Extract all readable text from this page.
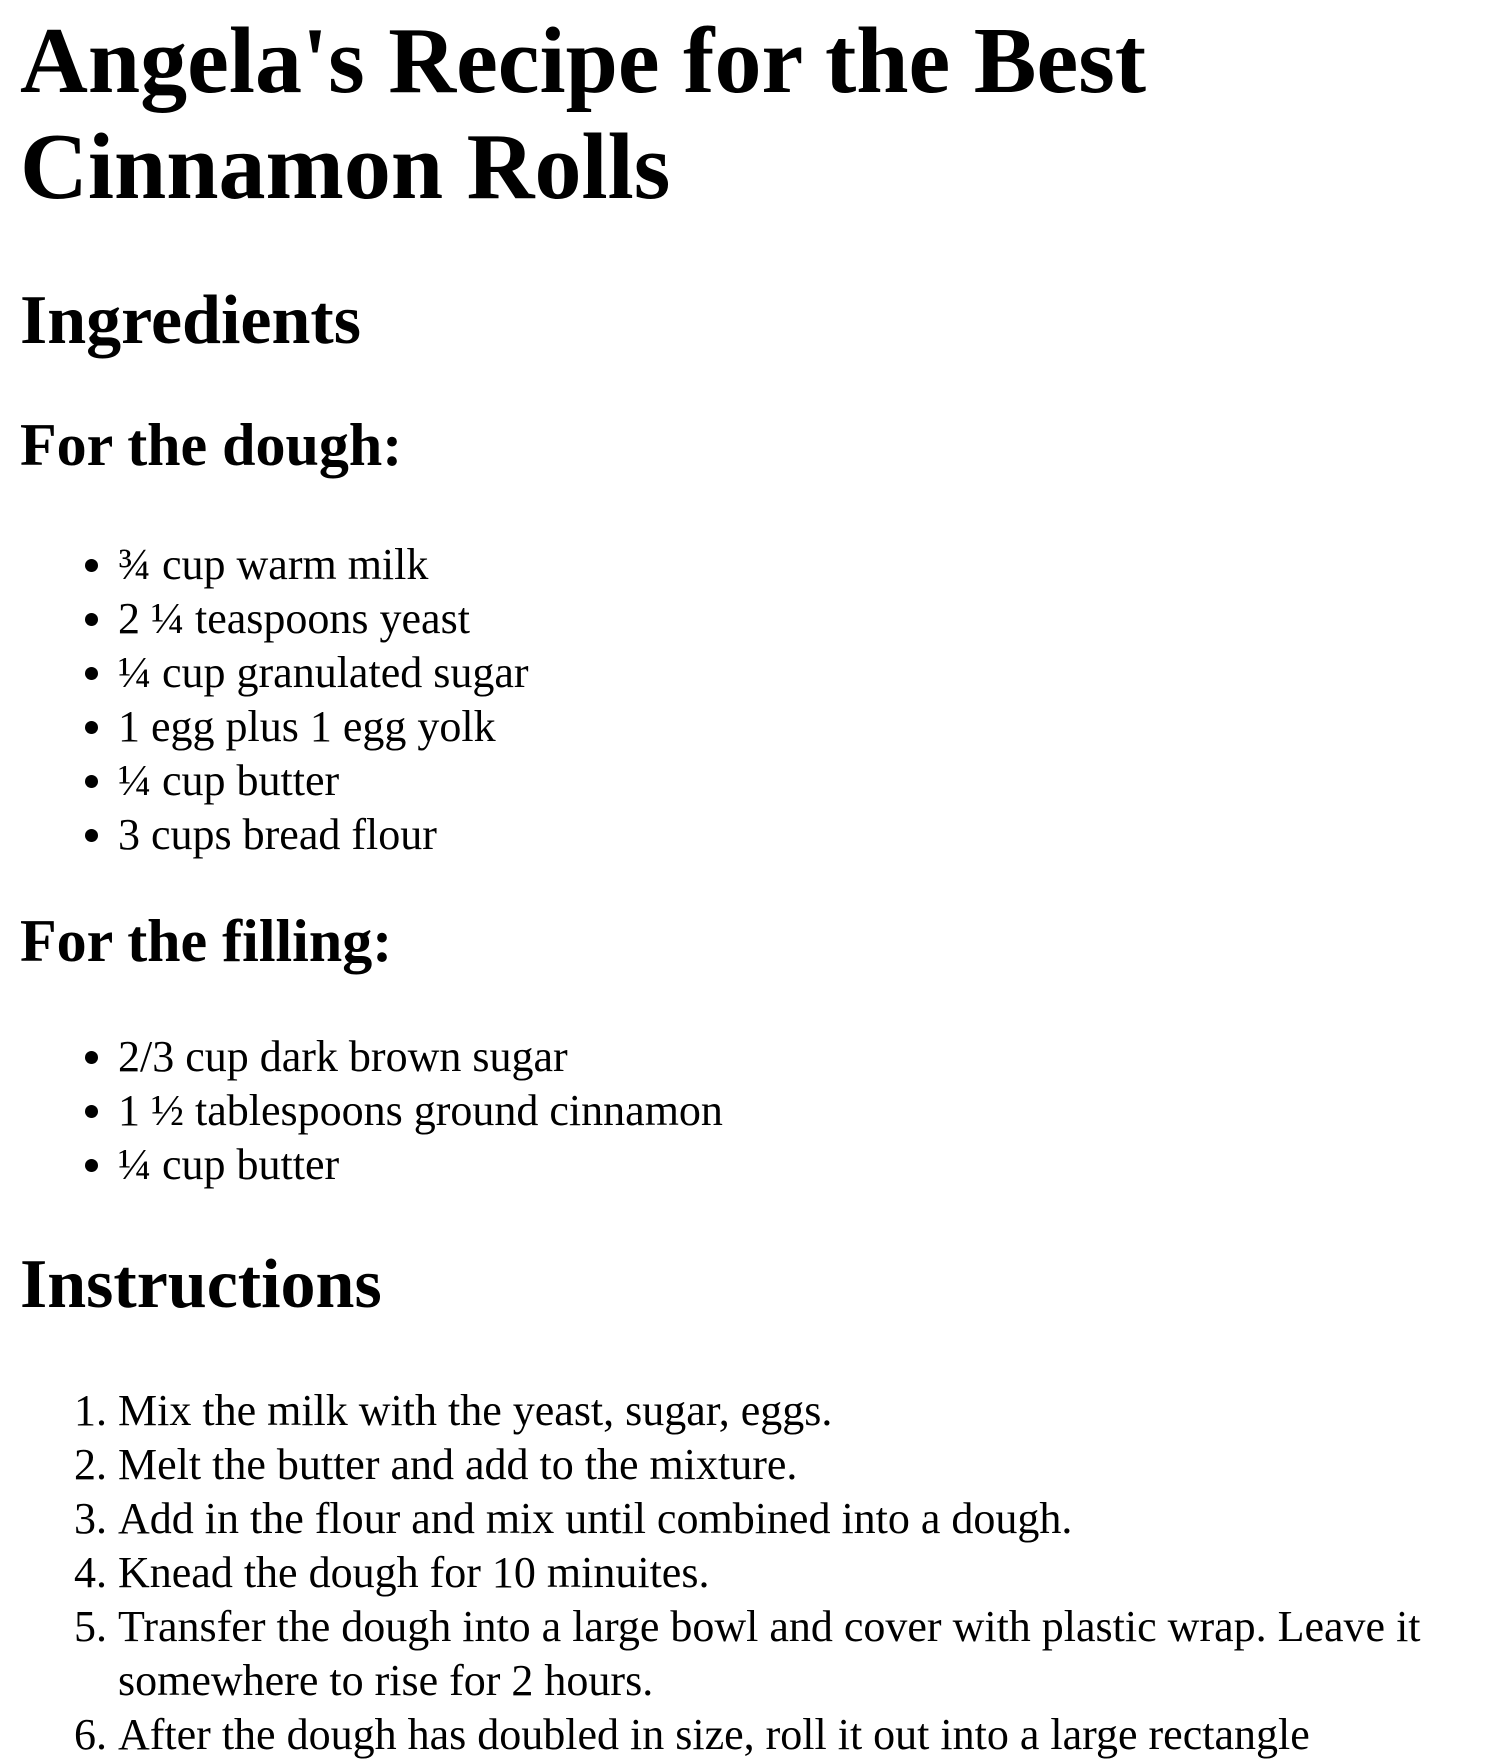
Angela's Recipe for the Best Cinnamon Rolls
Ingredients
For the dough:
• ¾ cup warm milk
• 2 ¼ teaspoons yeast
• ¼ cup granulated sugar
• 1 egg plus 1 egg yolk
• ¼ cup butter
• 3 cups bread flour
For the filling:
• 2/3 cup dark brown sugar
• 1 ½ tablespoons ground cinnamon
• ¼ cup butter
Instructions
1. Mix the milk with the yeast, sugar, eggs.
2. Melt the butter and add to the mixture.
3. Add in the flour and mix until combined into a dough.
4. Knead the dough for 10 minuites.
5. Transfer the dough into a large bowl and cover with plastic wrap. Leave it somewhere to rise for 2 hours.
6. After the dough has doubled in size, roll it out into a large rectangle
